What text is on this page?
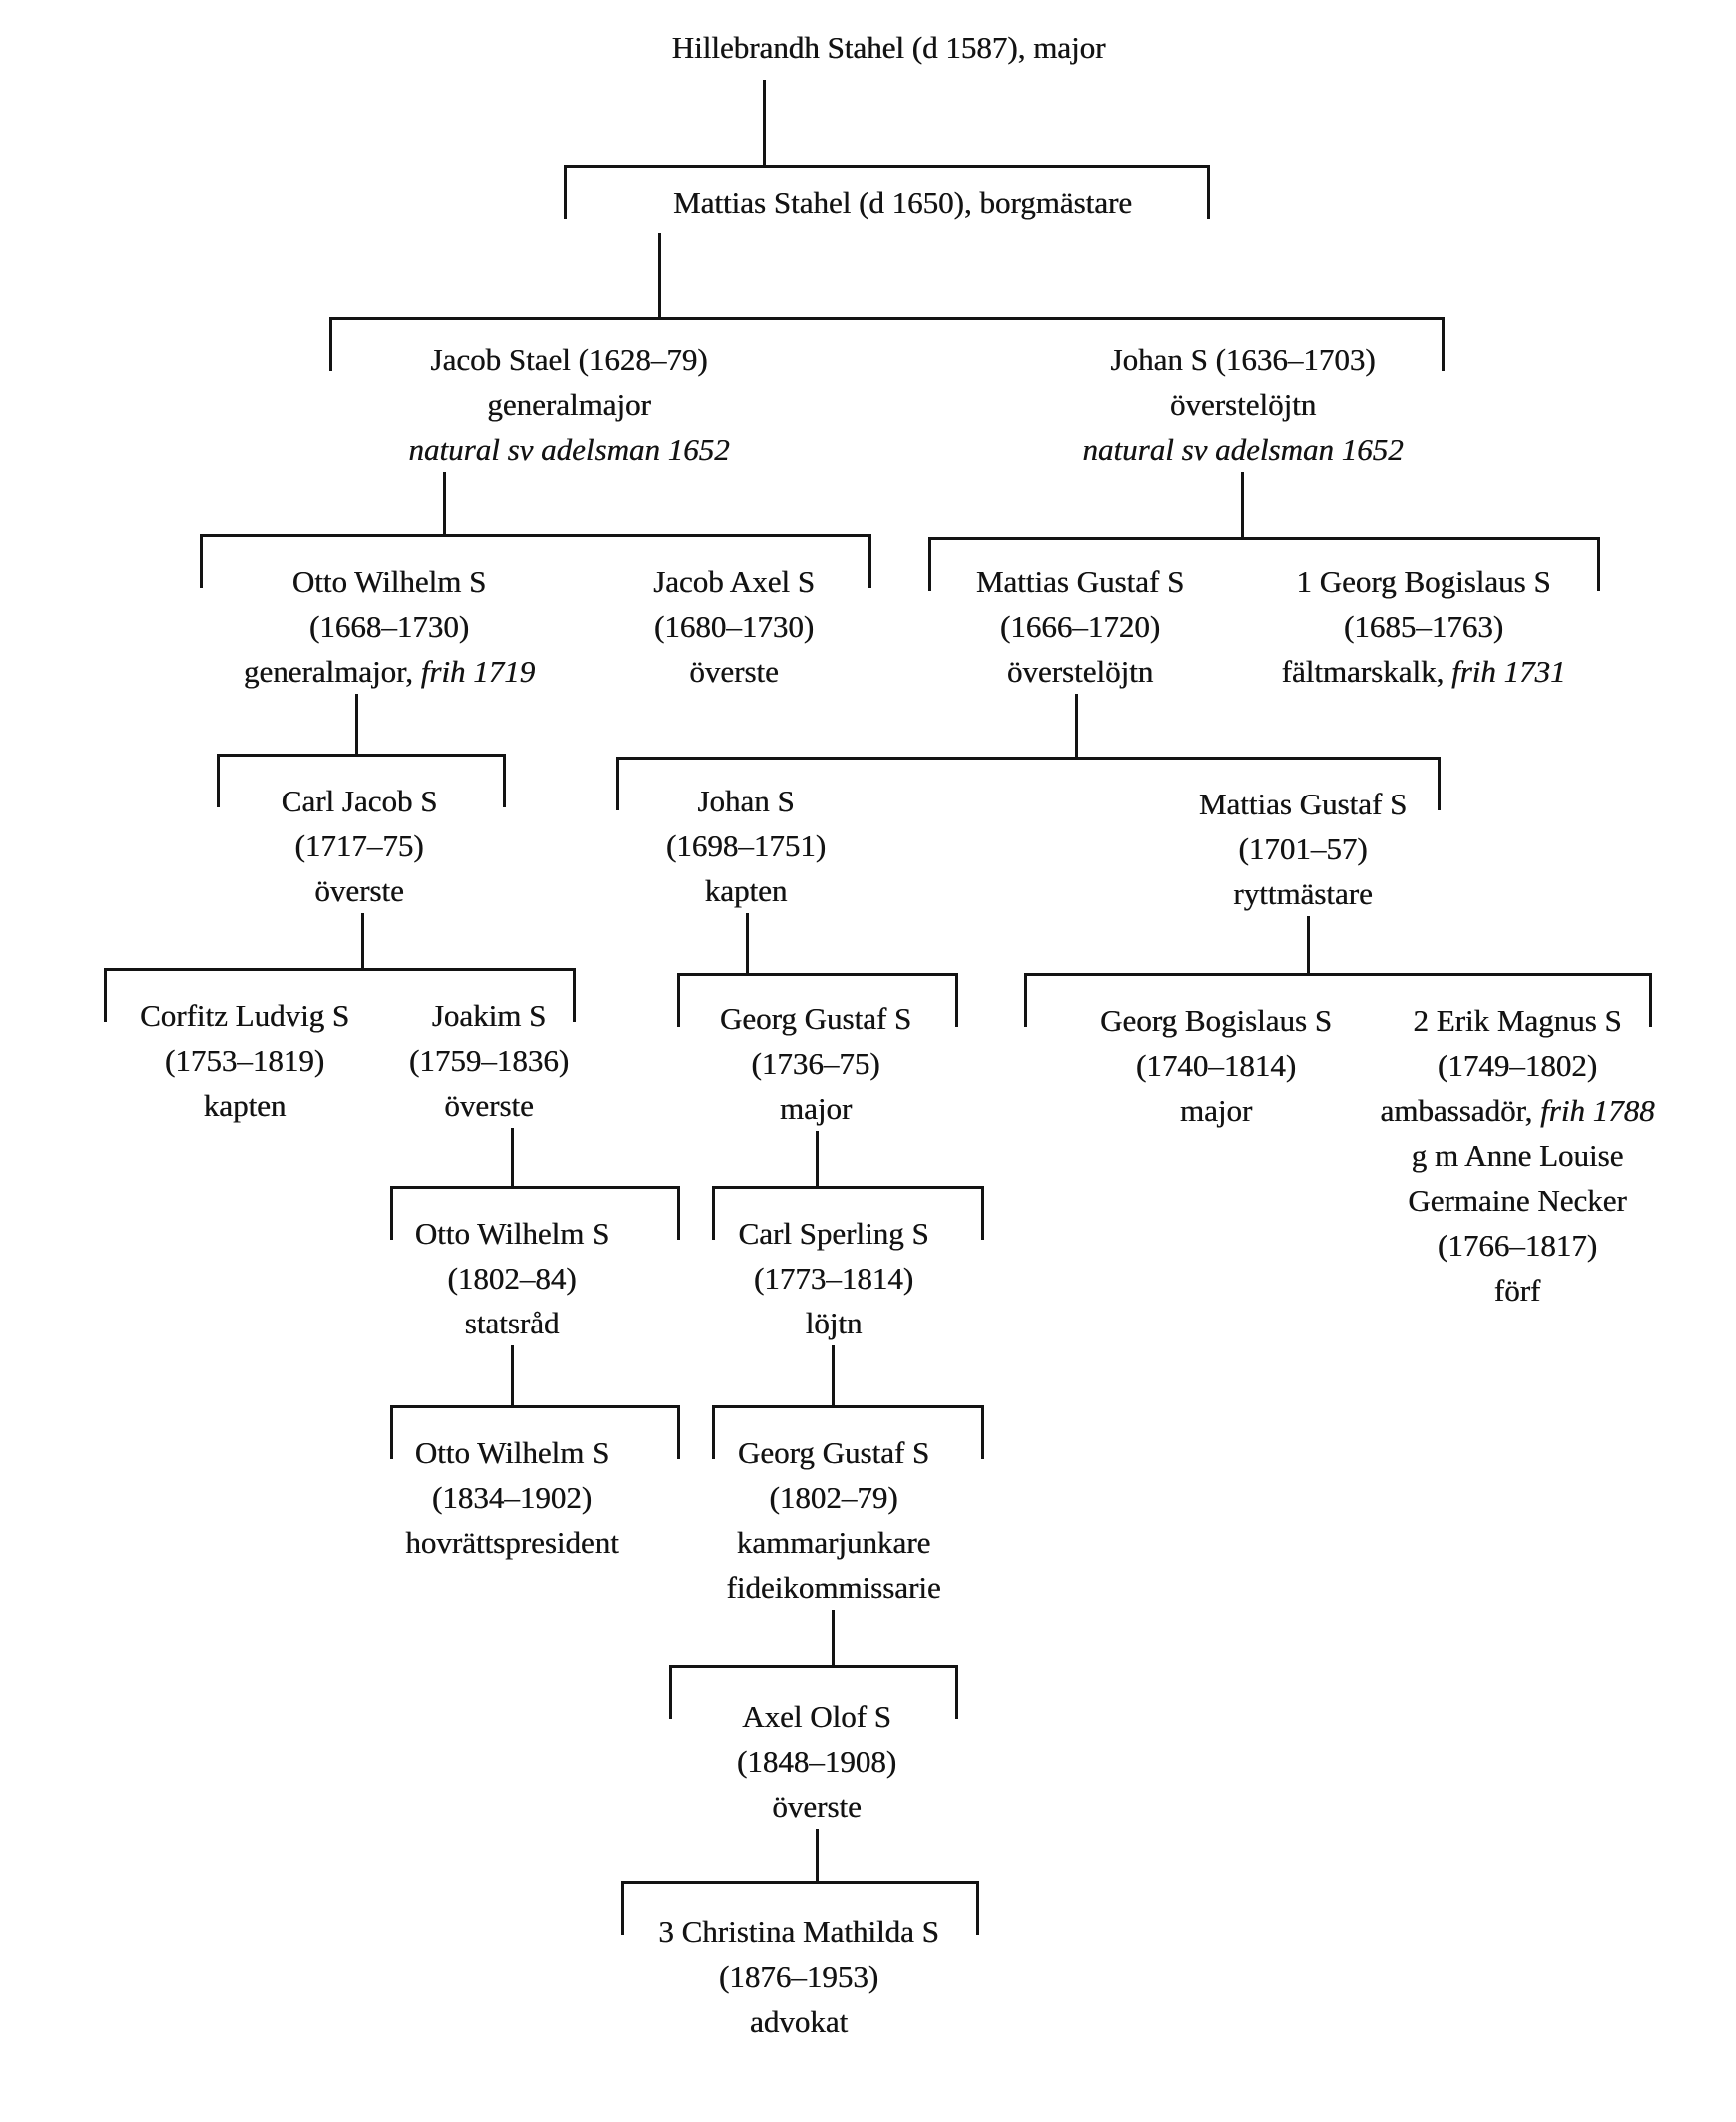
Hillebrandh Stahel (d 1587), major
Mattias Stahel (d 1650), borgmästare
Jacob Stael (1628–79)
generalmajor
natural sv adelsman 1652
Johan S (1636–1703)
överstelöjtn
natural sv adelsman 1652
Otto Wilhelm S
(1668–1730)
generalmajor, frih 1719
Jacob Axel S
(1680–1730)
överste
Mattias Gustaf S
(1666–1720)
överstelöjtn
1 Georg Bogislaus S
(1685–1763)
fältmarskalk, frih 1731
Carl Jacob S
(1717–75)
överste
Johan S
(1698–1751)
kapten
Mattias Gustaf S
(1701–57)
ryttmästare
Corfitz Ludvig S
(1753–1819)
kapten
Joakim S
(1759–1836)
överste
Georg Gustaf S
(1736–75)
major
Georg Bogislaus S
(1740–1814)
major
2 Erik Magnus S
(1749–1802)
ambassadör, frih 1788
g m Anne Louise
Germaine Necker
(1766–1817)
förf
Otto Wilhelm S
(1802–84)
statsråd
Carl Sperling S
(1773–1814)
löjtn
Otto Wilhelm S
(1834–1902)
hovrättspresident
Georg Gustaf S
(1802–79)
kammarjunkare
fideikommissarie
Axel Olof S
(1848–1908)
överste
3 Christina Mathilda S
(1876–1953)
advokat
